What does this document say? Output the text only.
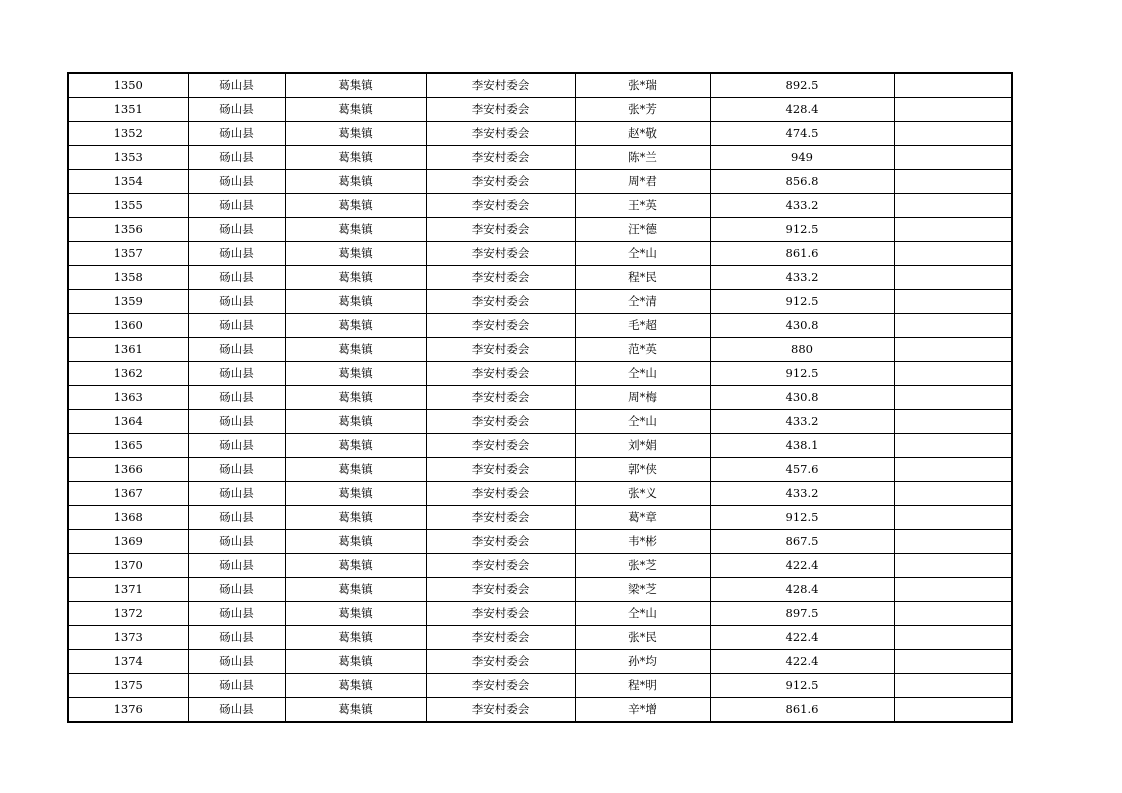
1350	砀山县	葛集镇	李安村委会	张*瑞	892.5	
1351	砀山县	葛集镇	李安村委会	张*芳	428.4	
1352	砀山县	葛集镇	李安村委会	赵*敬	474.5	
1353	砀山县	葛集镇	李安村委会	陈*兰	949	
1354	砀山县	葛集镇	李安村委会	周*君	856.8	
1355	砀山县	葛集镇	李安村委会	王*英	433.2	
1356	砀山县	葛集镇	李安村委会	汪*德	912.5	
1357	砀山县	葛集镇	李安村委会	仝*山	861.6	
1358	砀山县	葛集镇	李安村委会	程*民	433.2	
1359	砀山县	葛集镇	李安村委会	仝*清	912.5	
1360	砀山县	葛集镇	李安村委会	毛*超	430.8	
1361	砀山县	葛集镇	李安村委会	范*英	880	
1362	砀山县	葛集镇	李安村委会	仝*山	912.5	
1363	砀山县	葛集镇	李安村委会	周*梅	430.8	
1364	砀山县	葛集镇	李安村委会	仝*山	433.2	
1365	砀山县	葛集镇	李安村委会	刘*娟	438.1	
1366	砀山县	葛集镇	李安村委会	郭*侠	457.6	
1367	砀山县	葛集镇	李安村委会	张*义	433.2	
1368	砀山县	葛集镇	李安村委会	葛*章	912.5	
1369	砀山县	葛集镇	李安村委会	韦*彬	867.5	
1370	砀山县	葛集镇	李安村委会	张*芝	422.4	
1371	砀山县	葛集镇	李安村委会	梁*芝	428.4	
1372	砀山县	葛集镇	李安村委会	仝*山	897.5	
1373	砀山县	葛集镇	李安村委会	张*民	422.4	
1374	砀山县	葛集镇	李安村委会	孙*均	422.4	
1375	砀山县	葛集镇	李安村委会	程*明	912.5	
1376	砀山县	葛集镇	李安村委会	辛*增	861.6	
